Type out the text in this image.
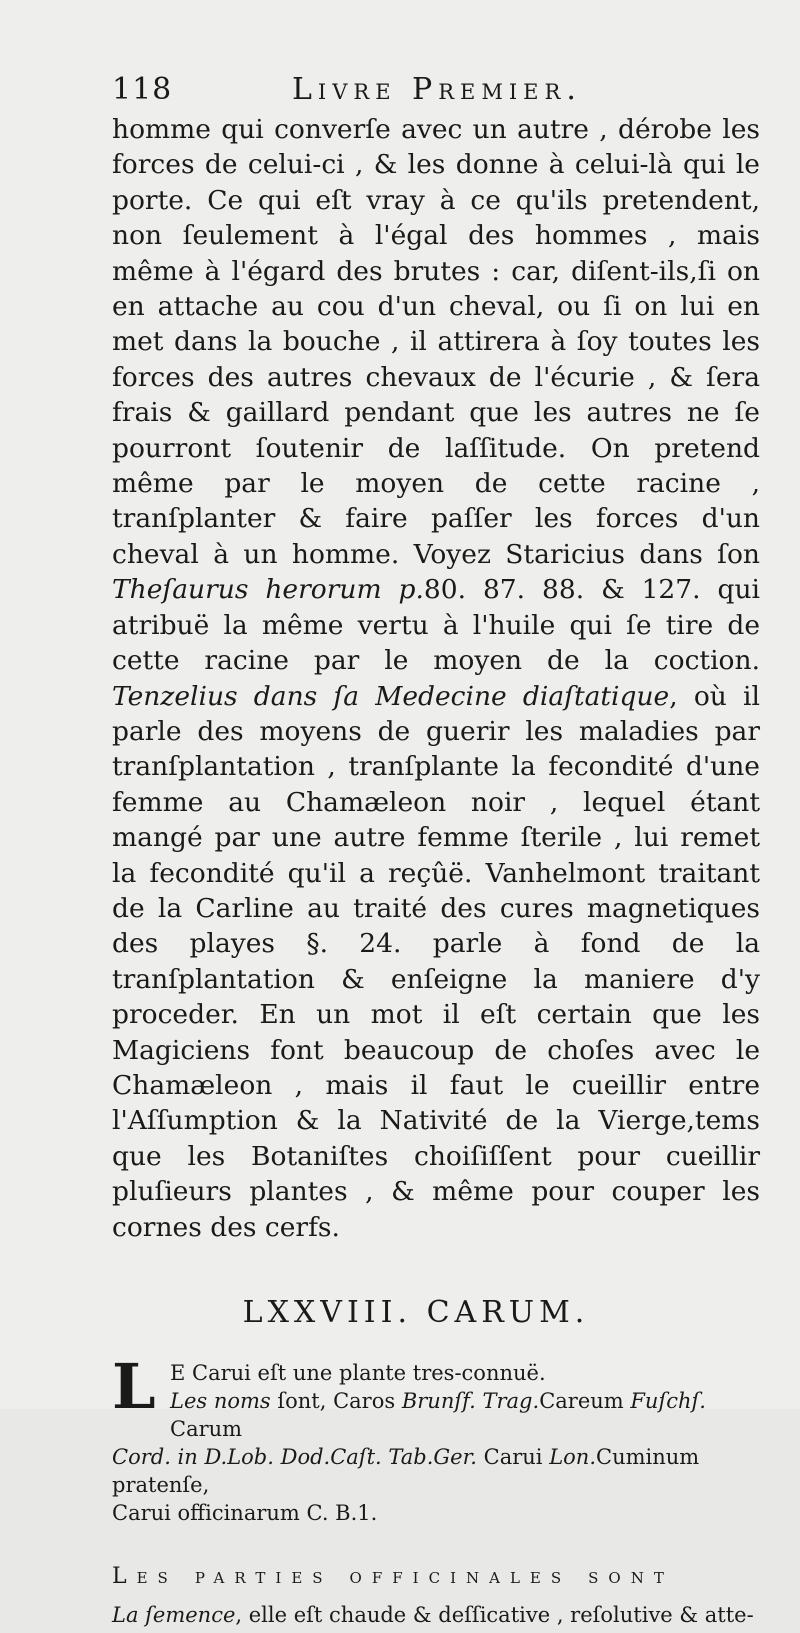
118	Livre Premier.

homme qui converſe avec un autre , dérobe les forces de celui-ci , & les donne à celui-là qui le porte. Ce qui eſt vray à ce qu'ils pretendent, non ſeulement à l'égal des hommes , mais même à l'égard des brutes : car, diſent-ils,ſi on en attache au cou d'un cheval, ou ſi on lui en met dans la bouche , il attirera à ſoy toutes les forces des autres chevaux de l'écurie , & ſera frais & gaillard pendant que les autres ne ſe pourront ſoutenir de laſſitude. On pretend même par le moyen de cette racine , tranſplanter & faire paſſer les forces d'un cheval à un homme. Voyez Staricius dans ſon Theſaurus herorum p.80. 87. 88. & 127. qui atribuë la même vertu à l'huile qui ſe tire de cette racine par le moyen de la coction. Tenzelius dans ſa Medecine diaſtatique, où il parle des moyens de guerir les maladies par tranſplantation , tranſplante la fecondité d'une femme au Chamæleon noir , lequel étant mangé par une autre femme ſterile , lui remet la fecondité qu'il a reçûë. Vanhelmont traitant de la Carline au traité des cures magnetiques des playes §. 24. parle à fond de la tranſplantation & enſeigne la maniere d'y proceder. En un mot il eſt certain que les Magiciens font beaucoup de choſes avec le Chamæleon , mais il faut le cueillir entre l'Aſſumption & la Nativité de la Vierge,tems que les Botaniſtes choiſiſſent pour cueillir pluſieurs plantes , & même pour couper les cornes des cerfs.

LXXVIII. CARUM.
L E Carui eſt une plante tres-connuë.
Les noms ſont, Caros Brunſf. Trag.Careum Fuſchſ. Carum
Cord. in D.Lob. Dod.Caſt. Tab.Ger. Carui Lon.Cuminum pratenſe,
Carui officinarum C. B.1.
Les parties officinales sont
La ſemence, elle eſt chaude & deſſicative , reſolutive & atte-
